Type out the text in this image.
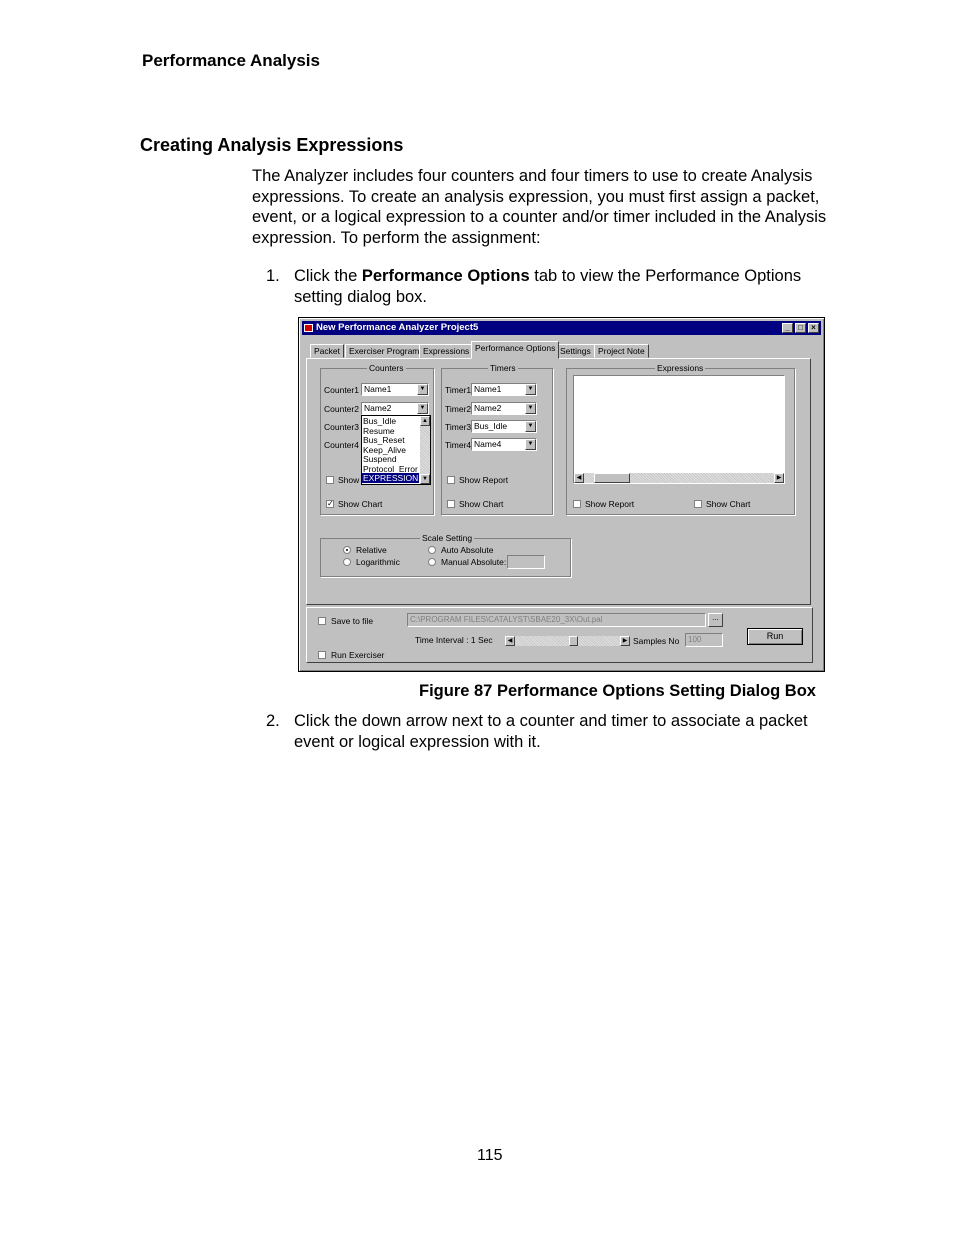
Performance Analysis
Creating Analysis Expressions
The Analyzer includes four counters and four timers to use to create Analysis expressions. To create an analysis expression, you must first assign a packet, event, or a logical expression to a counter and/or timer included in the Analysis expression. To perform the assignment:
1. Click the Performance Options tab to view the Performance Options setting dialog box.
New Performance Analyzer Project5	_	□	×
Packet	Exerciser Program Expressions Performance Options Settings Project Note
Counters
Counter1 Name1	▼
Counter2 Name2	▼
Counter3
Counter4
Show
✓ Show Chart
Bus_Idle
Resume
Bus_Reset
Keep_Alive
Suspend
Protocol_Error
EXPRESSION
▲
▼
Timers
Timer1 Name1	▼
Timer2 Name2	▼
Timer3 Bus_Idle	▼
Timer4 Name4	▼
Show Report
Show Chart
Expressions
◀	▶
Show Report	Show Chart
Scale Setting
Relative
Logarithmic
Auto Absolute
Manual Absolute:
Save to file	C:\PROGRAM FILES\CATALYST\SBAE20_3X\Out.pal	...
Time Interval : 1 Sec	◀	▶ Samples No	100	Run
Run Exerciser
Figure 87 Performance Options Setting Dialog Box
2. Click the down arrow next to a counter and timer to associate a packet event or logical expression with it.
115
